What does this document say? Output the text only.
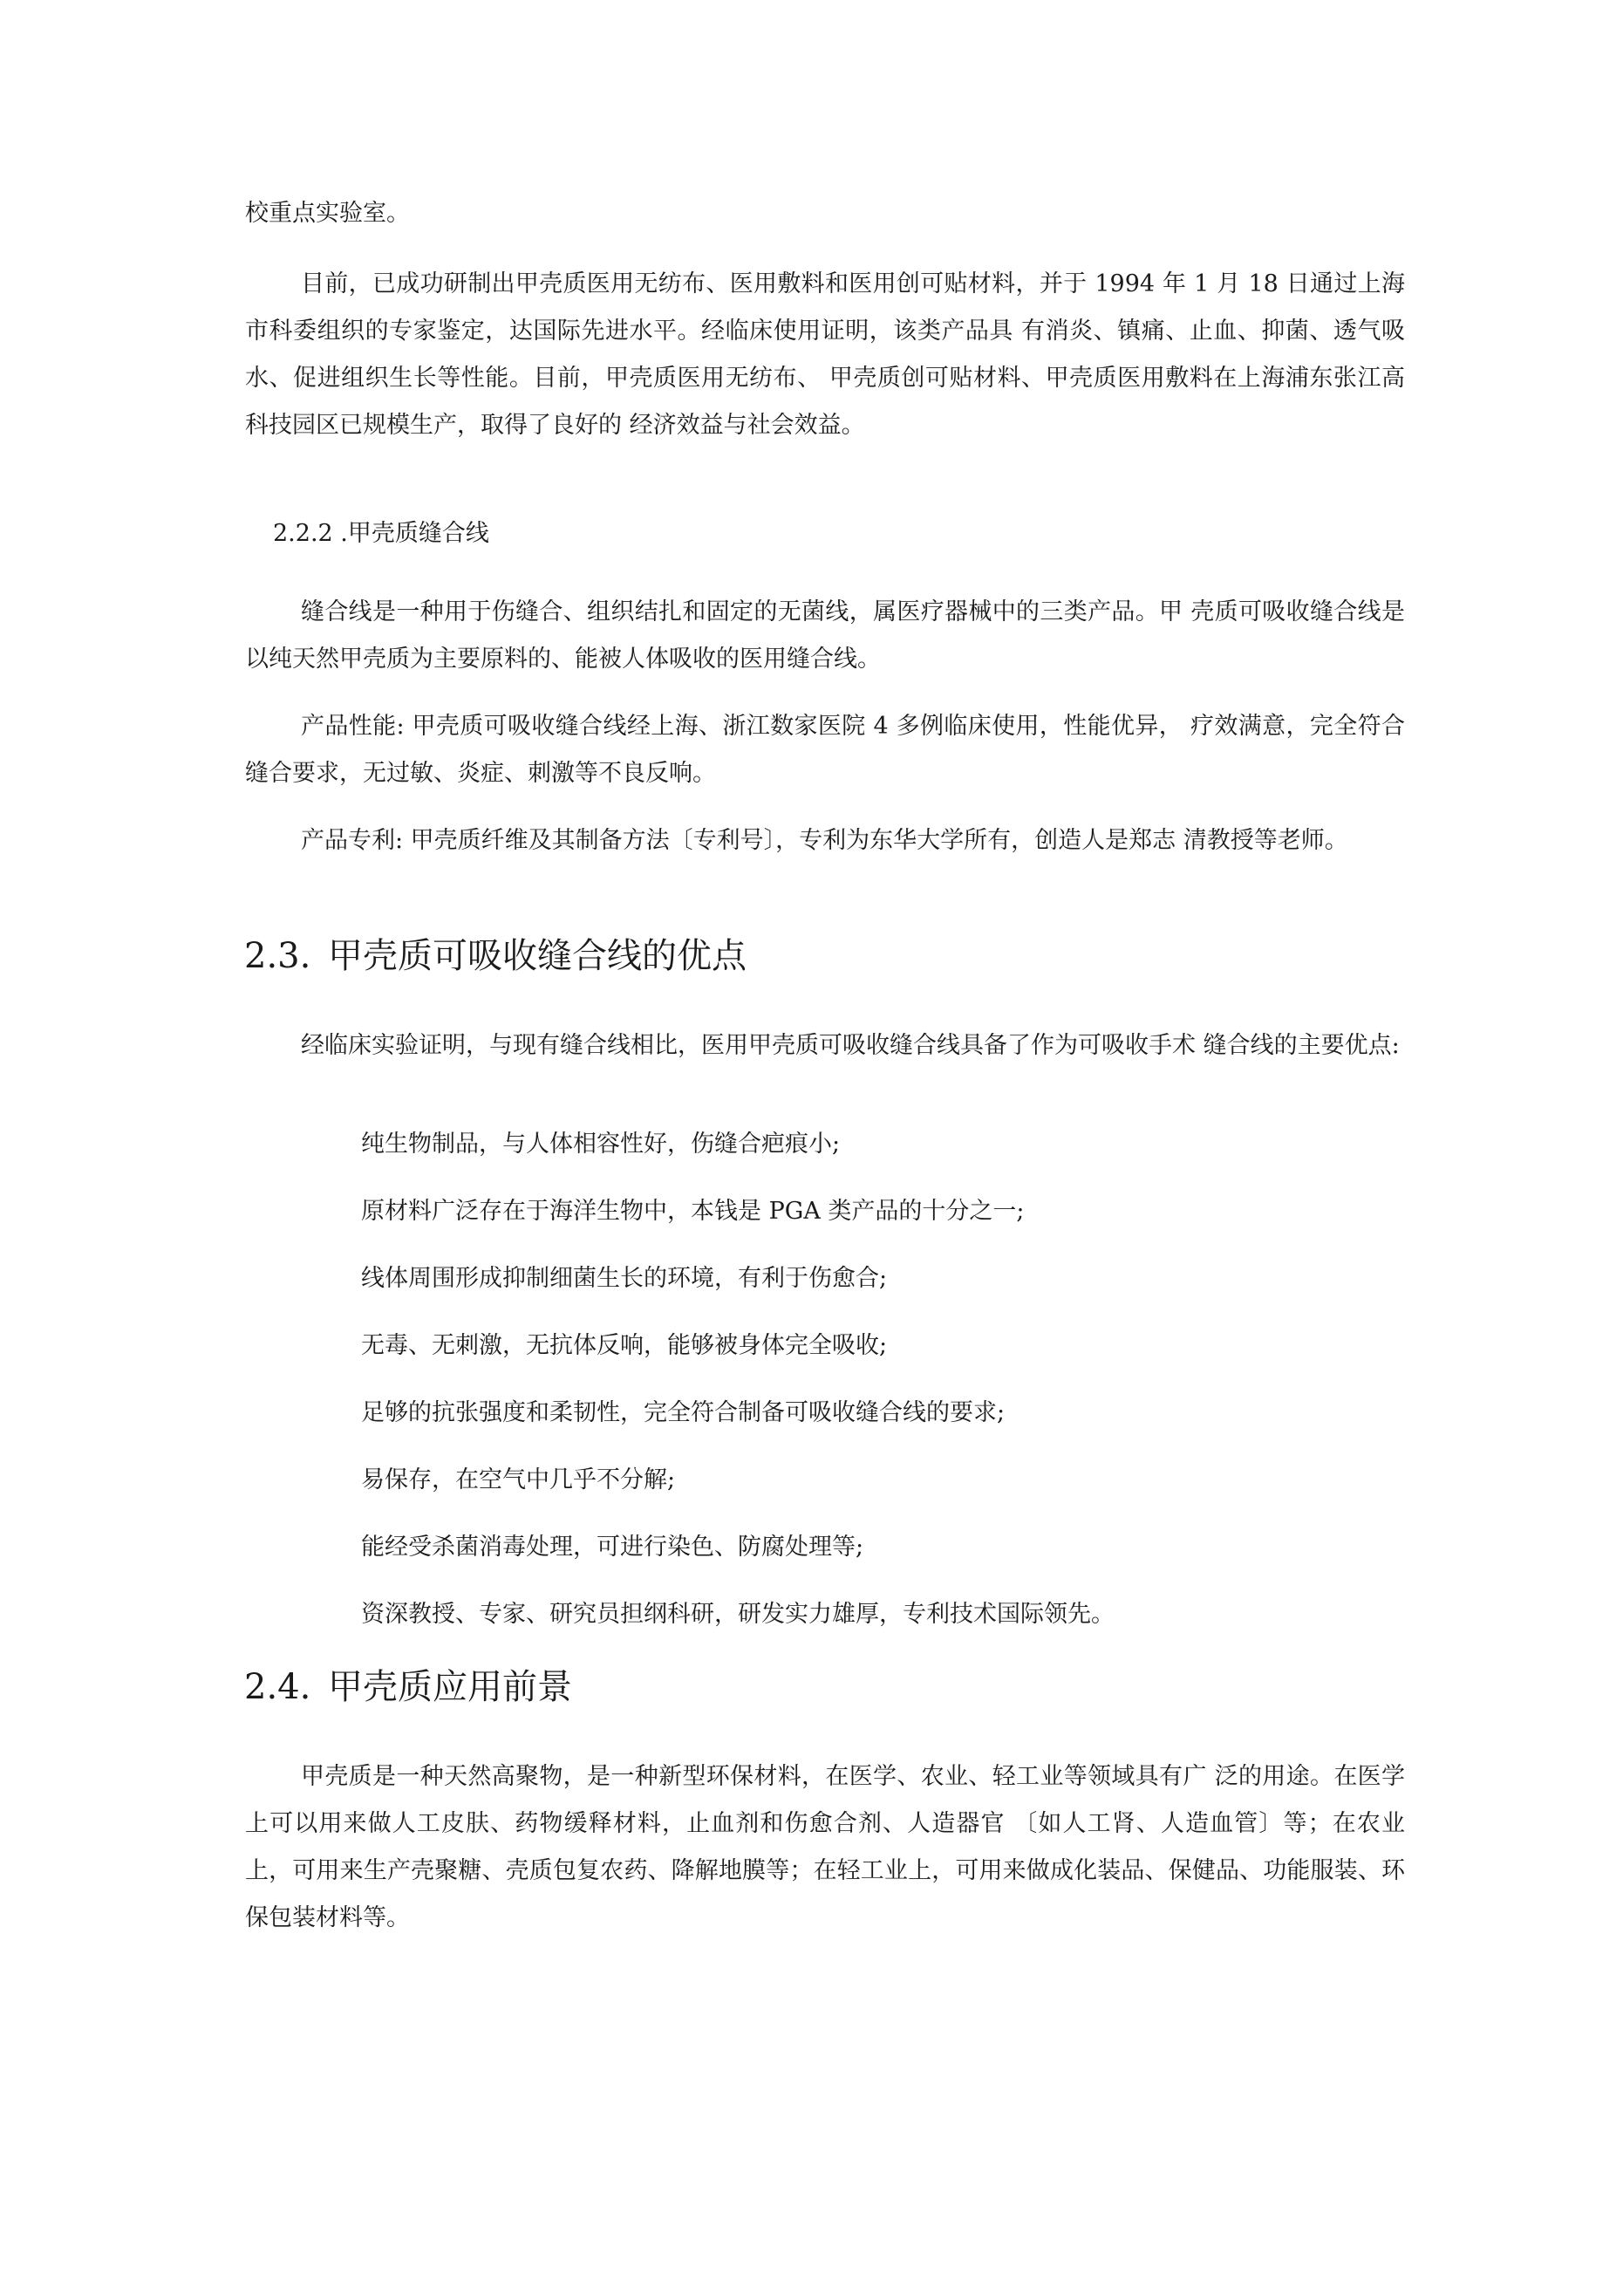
校重点实验室。

目前，已成功研制出甲壳质医用无纺布、医用敷料和医用创可贴材料，并于 1994 年 1 月 18 日通过上海市科委组织的专家鉴定，达国际先进水平。经临床使用证明，该类产品具 有消炎、镇痛、止血、抑菌、透气吸水、促进组织生长等性能。目前，甲壳质医用无纺布、 甲壳质创可贴材料、甲壳质医用敷料在上海浦东张江高科技园区已规模生产，取得了良好的 经济效益与社会效益。

2.2.2 .甲壳质缝合线

缝合线是一种用于伤缝合、组织结扎和固定的无菌线，属医疗器械中的三类产品。甲 壳质可吸收缝合线是以纯天然甲壳质为主要原料的、能被人体吸收的医用缝合线。

产品性能: 甲壳质可吸收缝合线经上海、浙江数家医院 4 多例临床使用，性能优异， 疗效满意，完全符合缝合要求，无过敏、炎症、刺激等不良反响。

产品专利: 甲壳质纤维及其制备方法〔专利号〕，专利为东华大学所有，创造人是郑志 清教授等老师。

2.3. 甲壳质可吸收缝合线的优点

经临床实验证明，与现有缝合线相比，医用甲壳质可吸收缝合线具备了作为可吸收手术 缝合线的主要优点:

纯生物制品，与人体相容性好，伤缝合疤痕小;

原材料广泛存在于海洋生物中，本钱是 PGA 类产品的十分之一;

线体周围形成抑制细菌生长的环境，有利于伤愈合;

无毒、无刺激，无抗体反响，能够被身体完全吸收;

足够的抗张强度和柔韧性，完全符合制备可吸收缝合线的要求;

易保存，在空气中几乎不分解;

能经受杀菌消毒处理，可进行染色、防腐处理等;

资深教授、专家、研究员担纲科研，研发实力雄厚，专利技术国际领先。

2.4. 甲壳质应用前景

甲壳质是一种天然高聚物，是一种新型环保材料，在医学、农业、轻工业等领域具有广 泛的用途。在医学上可以用来做人工皮肤、药物缓释材料，止血剂和伤愈合剂、人造器官 〔如人工肾、人造血管〕等；在农业上，可用来生产壳聚糖、壳质包复农药、降解地膜等；在轻工业上，可用来做成化装品、保健品、功能服装、环保包装材料等。
